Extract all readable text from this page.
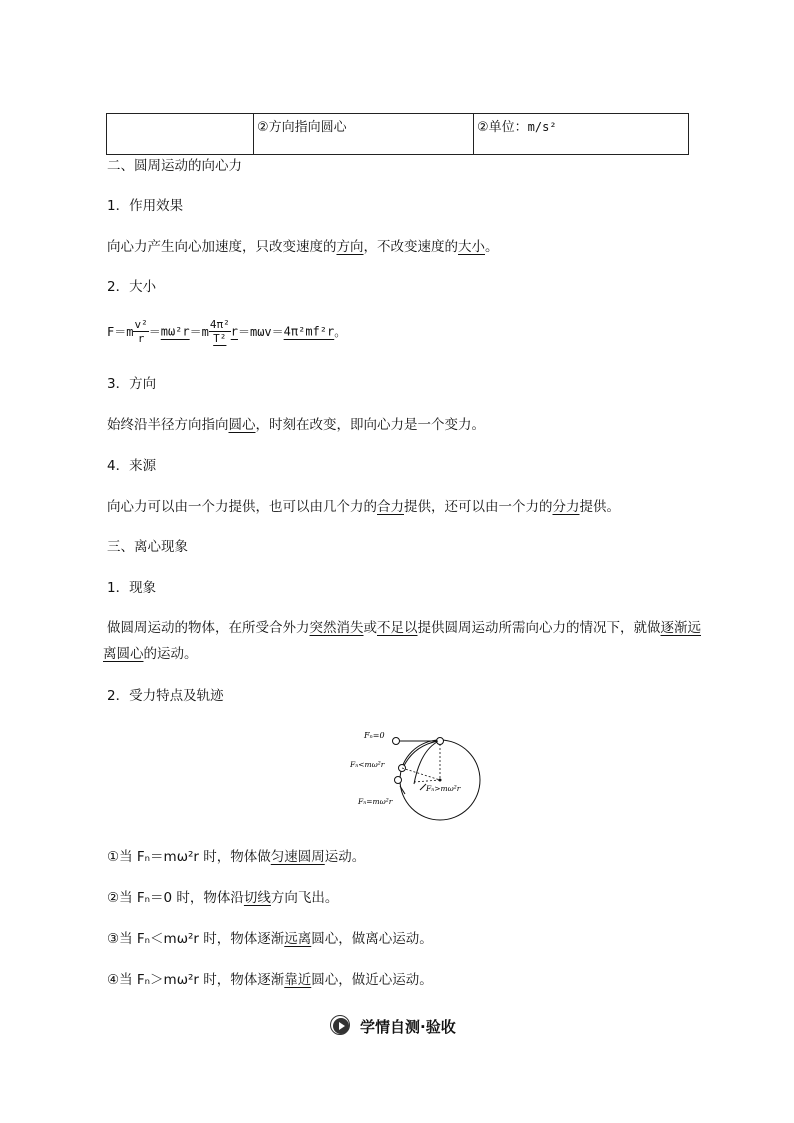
	②方向指向圆心	②单位：m/s²
二、圆周运动的向心力
1．作用效果
向心力产生向心加速度，只改变速度的方向，不改变速度的大小。
2．大小
$F=m \frac{\text{v²}}{r} =m\omega^2r=m \frac{\text{4π²}}{\text{T²}} r=m\omega v=4\pi^2mf^2r$。
3．方向
始终沿半径方向指向圆心，时刻在改变，即向心力是一个变力。
4．来源
向心力可以由一个力提供，也可以由几个力的合力提供，还可以由一个力的分力提供。
三、离心现象
1．现象
做圆周运动的物体，在所受合外力突然消失或不足以提供圆周运动所需向心力的情况下，就做逐渐远
离圆心的运动。
2．受力特点及轨迹
Fₙ=0
Fₙ<mω²r
Fₙ>mω²r
Fₙ=mω²r
①当 Fₙ＝mω²r 时，物体做匀速圆周运动。
②当 Fₙ＝0 时，物体沿切线方向飞出。
③当 Fₙ＜mω²r 时，物体逐渐远离圆心，做离心运动。
④当 Fₙ＞mω²r 时，物体逐渐靠近圆心，做近心运动。
学情自测·验收
